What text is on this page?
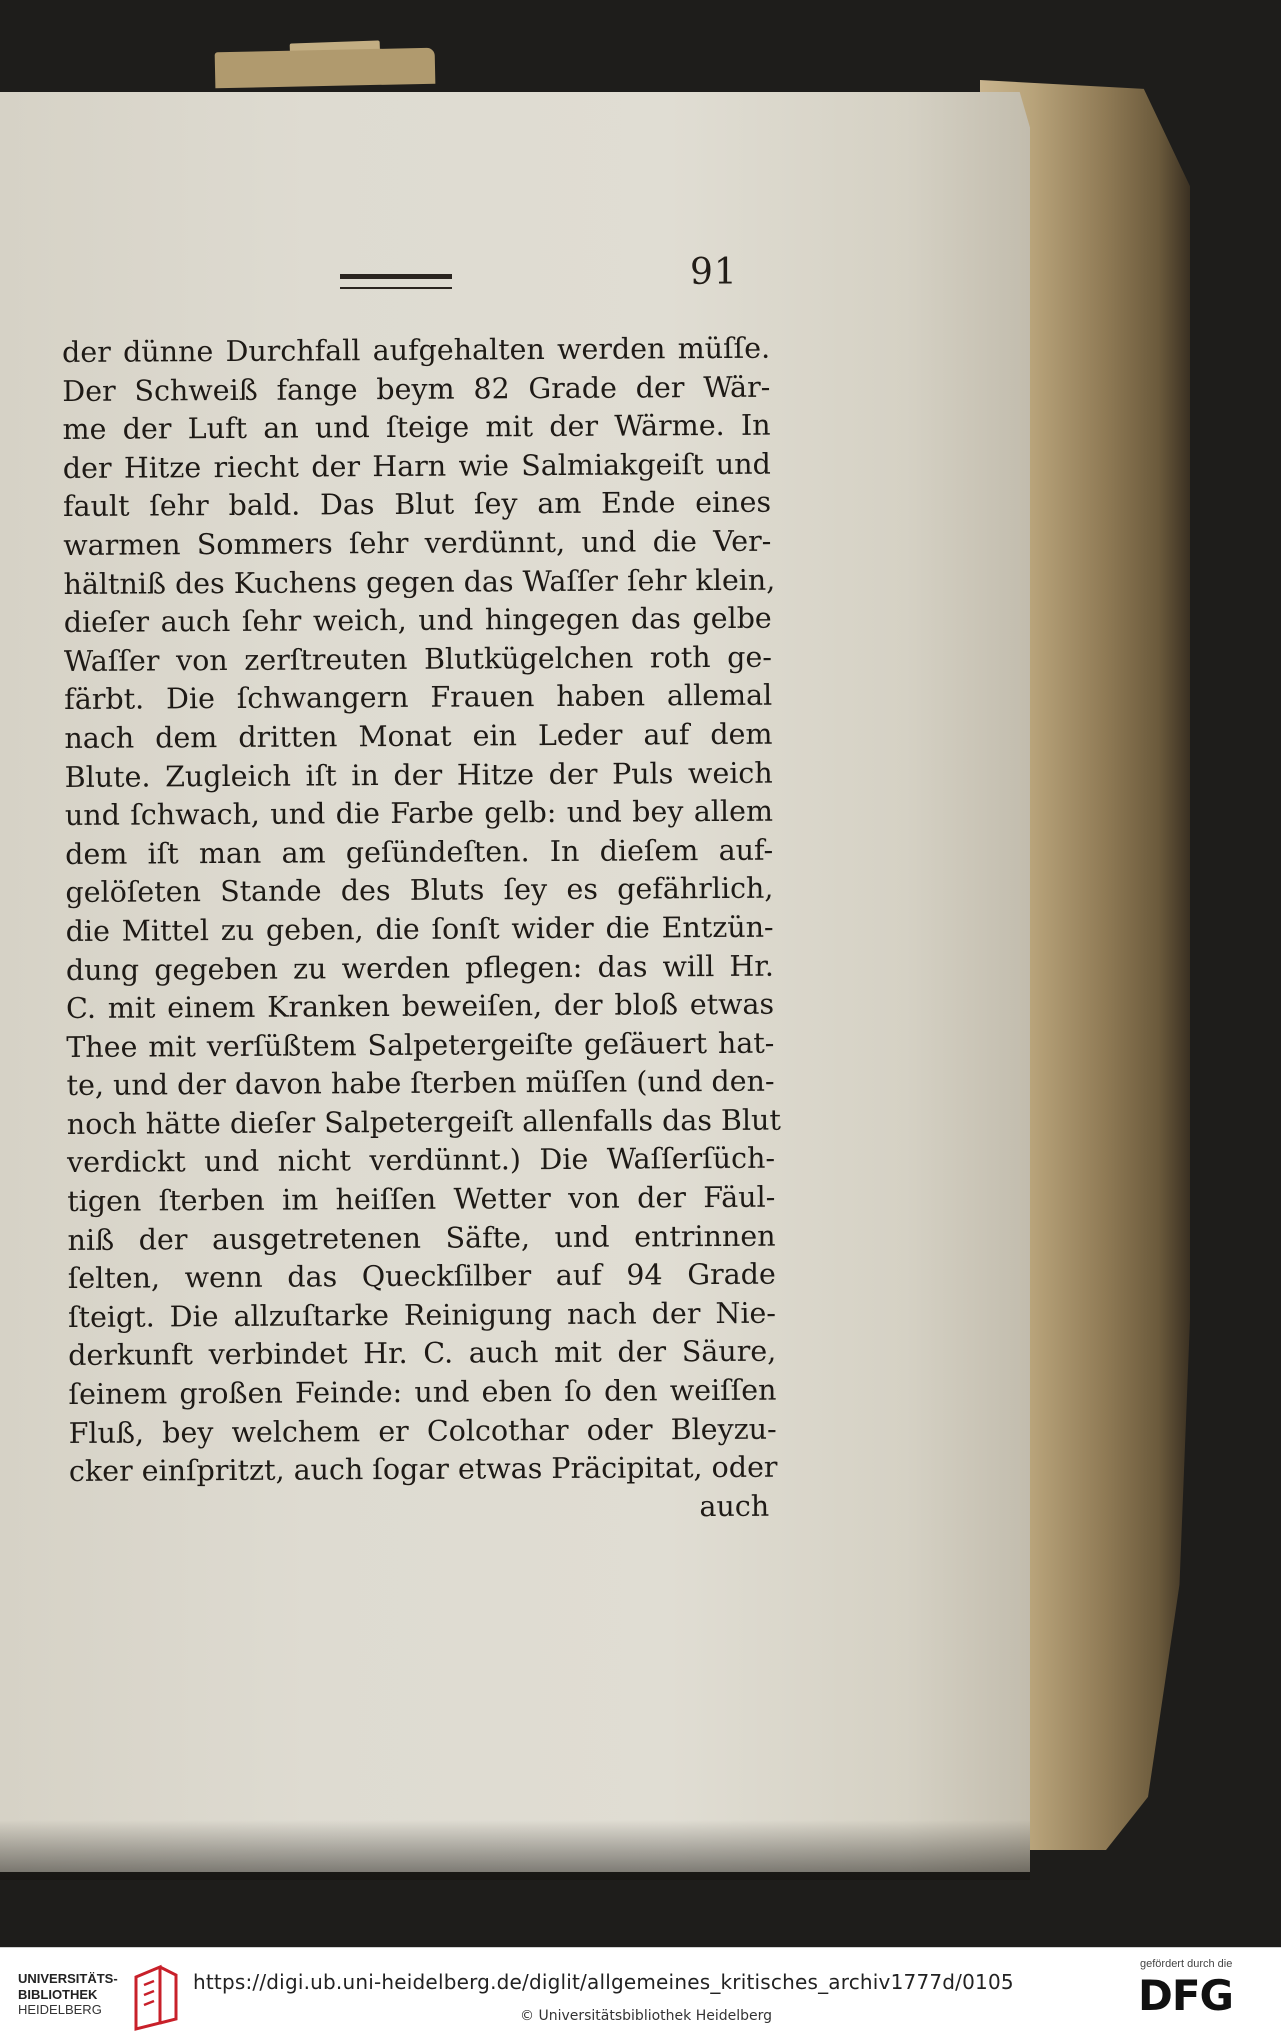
91
der dünne Durchfall aufgehalten werden müſſe.
Der Schweiß fange beym 82 Grade der Wär-
me der Luft an und ſteige mit der Wärme. In
der Hitze riecht der Harn wie Salmiakgeiſt und
fault ſehr bald. Das Blut ſey am Ende eines
warmen Sommers ſehr verdünnt, und die Ver-
hältniß des Kuchens gegen das Waſſer ſehr klein,
dieſer auch ſehr weich, und hingegen das gelbe
Waſſer von zerſtreuten Blutkügelchen roth ge-
färbt. Die ſchwangern Frauen haben allemal
nach dem dritten Monat ein Leder auf dem
Blute. Zugleich iſt in der Hitze der Puls weich
und ſchwach, und die Farbe gelb: und bey allem
dem iſt man am geſündeſten. In dieſem auf-
gelöſeten Stande des Bluts ſey es gefährlich,
die Mittel zu geben, die ſonſt wider die Entzün-
dung gegeben zu werden pflegen: das will Hr.
C. mit einem Kranken beweiſen, der bloß etwas
Thee mit verſüßtem Salpetergeiſte geſäuert hat-
te, und der davon habe ſterben müſſen (und den-
noch hätte dieſer Salpetergeiſt allenfalls das Blut
verdickt und nicht verdünnt.) Die Waſſerſüch-
tigen ſterben im heiſſen Wetter von der Fäul-
niß der ausgetretenen Säfte, und entrinnen
ſelten, wenn das Queckſilber auf 94 Grade
ſteigt. Die allzuſtarke Reinigung nach der Nie-
derkunft verbindet Hr. C. auch mit der Säure,
ſeinem großen Feinde: und eben ſo den weiſſen
Fluß, bey welchem er Colcothar oder Bleyzu-
cker einſpritzt, auch ſogar etwas Präcipitat, oder
auch
UNIVERSITÄTS-
BIBLIOTHEK
HEIDELBERG
https://digi.ub.uni-heidelberg.de/diglit/allgemeines_kritisches_archiv1777d/0105
© Universitätsbibliothek Heidelberg
gefördert durch die
DFG
